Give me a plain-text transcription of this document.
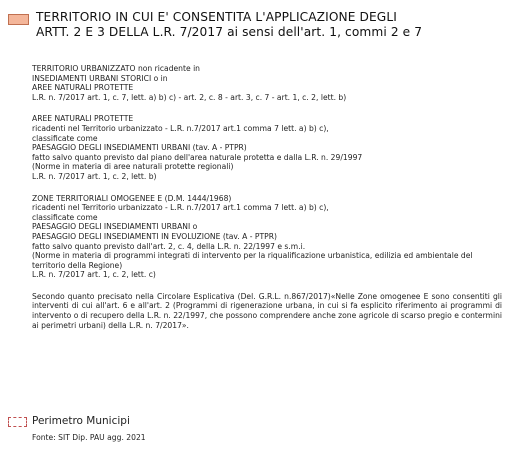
TERRITORIO IN CUI E' CONSENTITA L'APPLICAZIONE DEGLI
ARTT. 2 E 3 DELLA L.R. 7/2017 ai sensi dell'art. 1, commi 2 e 7
TERRITORIO URBANIZZATO non ricadente in
INSEDIAMENTI URBANI STORICI o in
AREE NATURALI PROTETTE
L.R. n. 7/2017 art. 1, c. 7, lett. a) b) c) - art. 2, c. 8 - art. 3, c. 7 - art. 1, c. 2, lett. b)
AREE NATURALI PROTETTE
ricadenti nel Territorio urbanizzato - L.R. n.7/2017 art.1 comma 7 lett. a) b) c),
classificate come
PAESAGGIO DEGLI INSEDIAMENTI URBANI (tav. A - PTPR)
fatto salvo quanto previsto dal piano dell'area naturale protetta e dalla L.R. n. 29/1997
(Norme in materia di aree naturali protette regionali)
L.R. n. 7/2017 art. 1, c. 2, lett. b)
ZONE TERRITORIALI OMOGENEE E (D.M. 1444/1968)
ricadenti nel Territorio urbanizzato - L.R. n.7/2017 art.1 comma 7 lett. a) b) c),
classificate come
PAESAGGIO DEGLI INSEDIAMENTI URBANI o
PAESAGGIO DEGLI INSEDIAMENTI IN EVOLUZIONE (tav. A - PTPR)
fatto salvo quanto previsto dall'art. 2, c. 4, della L.R. n. 22/1997 e s.m.i.
(Norme in materia di programmi integrati di intervento per la riqualificazione urbanistica, edilizia ed ambientale del territorio della Regione)
L.R. n. 7/2017 art. 1, c. 2, lett. c)
Secondo quanto precisato nella Circolare Esplicativa (Del. G.R.L. n.867/2017)«Nelle Zone omogenee E sono consentiti gli interventi di cui all'art. 6 e all'art. 2 (Programmi di rigenerazione urbana, in cui si fa esplicito riferimento ai programmi di intervento o di recupero della L.R. n. 22/1997, che possono comprendere anche zone agricole di scarso pregio e contermini ai perimetri urbani) della L.R. n. 7/2017».
Perimetro Municipi
Fonte: SIT Dip. PAU agg. 2021
